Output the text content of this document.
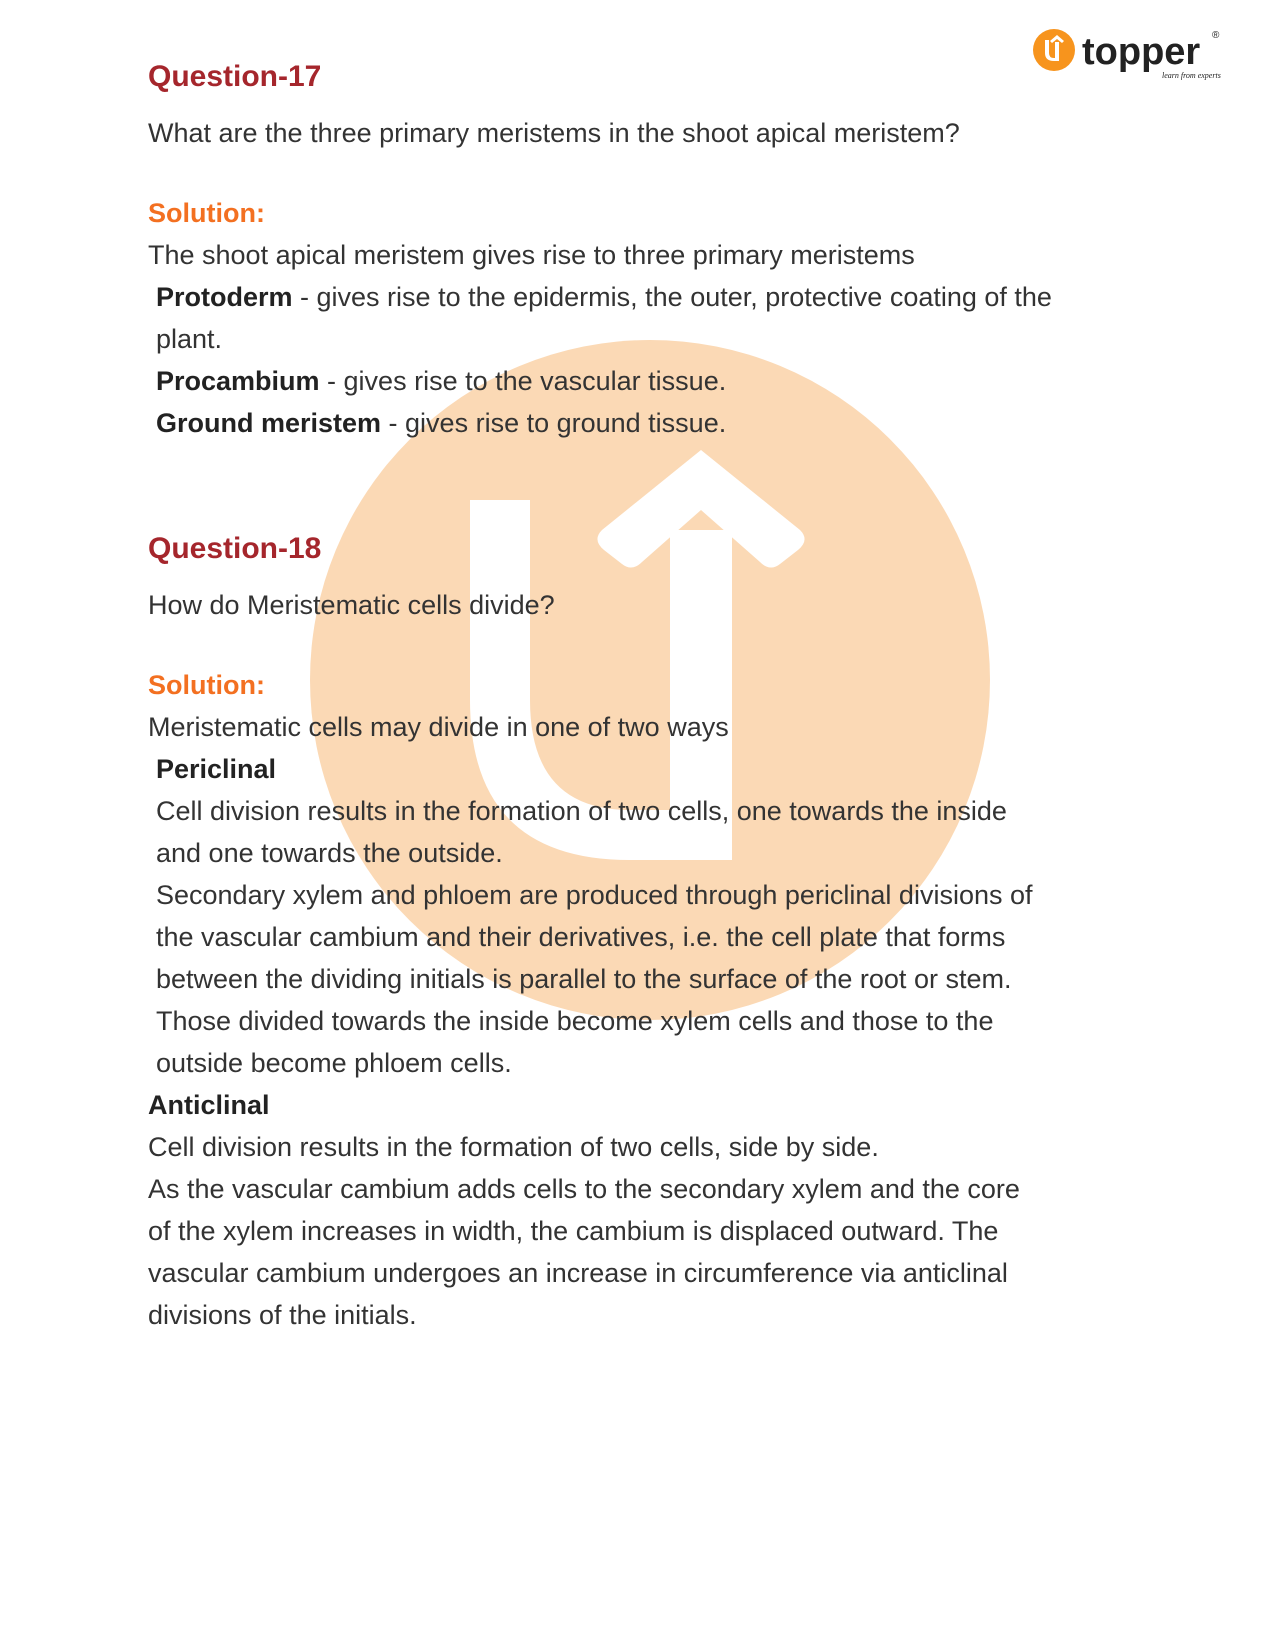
topper
learn from experts
®
Question-17

What are the three primary meristems in the shoot apical meristem?

Solution:

The shoot apical meristem gives rise to three primary meristems

Protoderm - gives rise to the epidermis, the outer, protective coating of the

plant.

Procambium - gives rise to the vascular tissue.

Ground meristem - gives rise to ground tissue.

Question-18

How do Meristematic cells divide?

Solution:

Meristematic cells may divide in one of two ways

Periclinal

Cell division results in the formation of two cells, one towards the inside

and one towards the outside.

Secondary xylem and phloem are produced through periclinal divisions of

the vascular cambium and their derivatives, i.e. the cell plate that forms

between the dividing initials is parallel to the surface of the root or stem.

Those divided towards the inside become xylem cells and those to the

outside become phloem cells.

Anticlinal

Cell division results in the formation of two cells, side by side.

As the vascular cambium adds cells to the secondary xylem and the core

of the xylem increases in width, the cambium is displaced outward. The

vascular cambium undergoes an increase in circumference via anticlinal

divisions of the initials.
